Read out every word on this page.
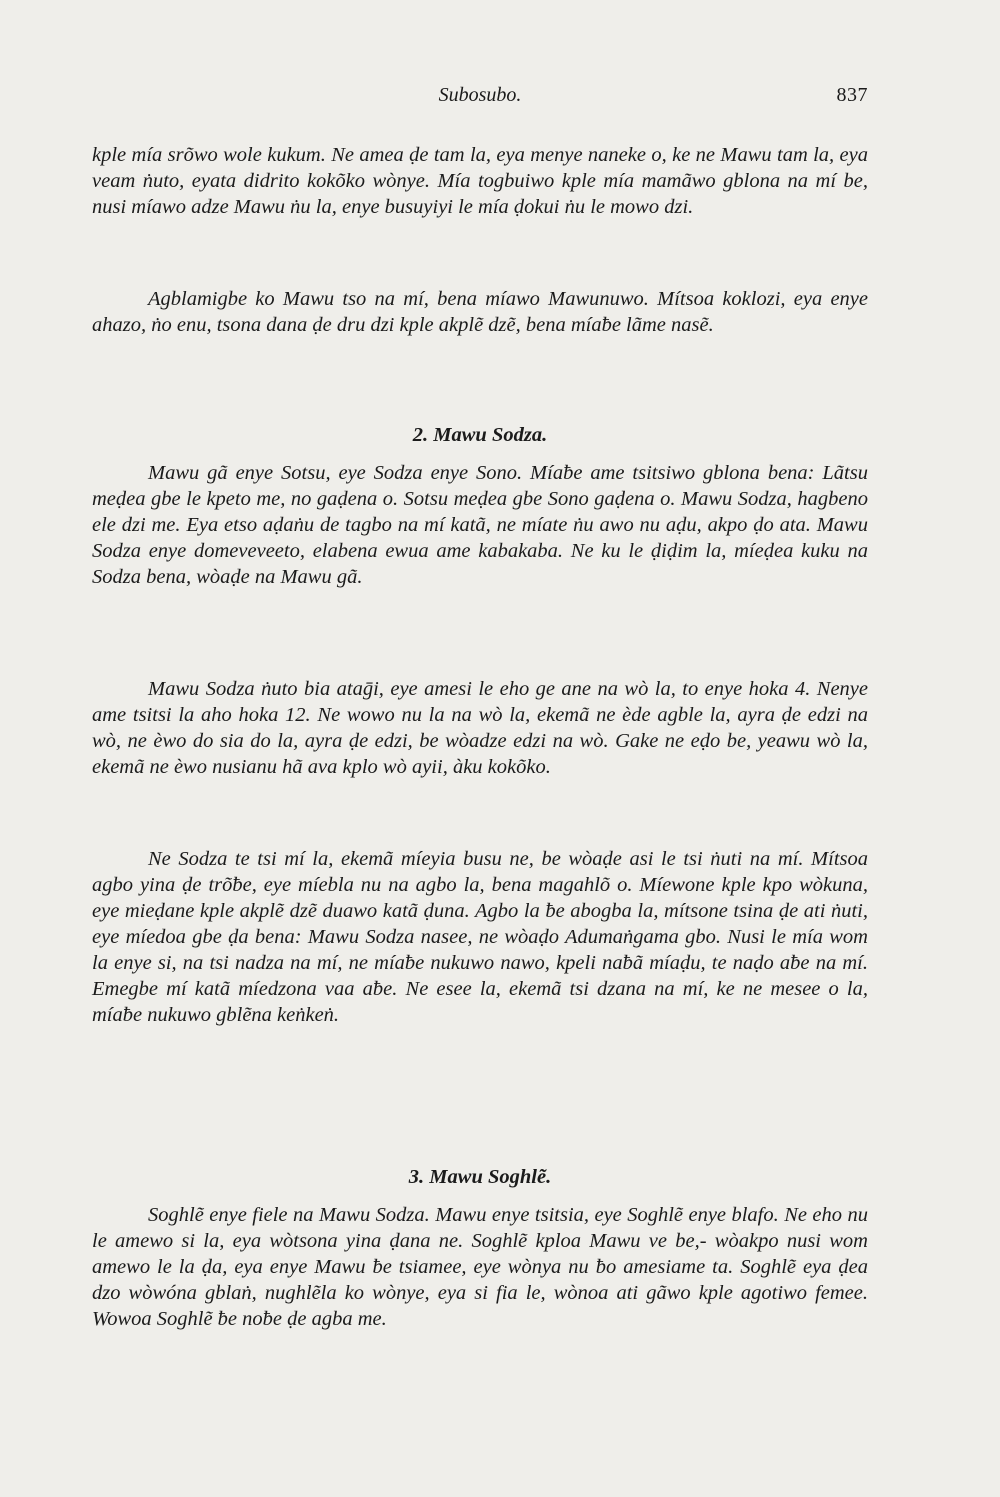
Subosubo.	837

kple mía srõwo wole kukum. Ne amea ḍe tam la, eya menye naneke o, ke ne Mawu tam la, eya veam ṅuto, eyata didrito kokõko wònye. Mía togbuiwo kple mía mamãwo gblona na mí be, nusi míawo adze Mawu ṅu la, enye busuyiyi le mía ḍokui ṅu le mowo dzi.

Agblamigbe ko Mawu tso na mí, bena míawo Mawunuwo. Mítsoa koklozi, eya enye ahazo, ṅo enu, tsona dana ḍe dru dzi kple akplẽ dzẽ, bena míaƀe lãme nasẽ.

2. Mawu Sodza.

Mawu gã enye Sotsu, eye Sodza enye Sono. Míaƀe ame tsitsiwo gblona bena: Lãtsu meḍea gbe le kpeto me, no gaḍena o. Sotsu meḍea gbe Sono gaḍena o. Mawu Sodza, hagbeno ele dzi me. Eya etso aḍaṅu de tagbo na mí katã, ne míate ṅu awo nu aḍu, akpo ḍo ata. Mawu Sodza enye domeveveeto, elabena ewua ame kabakaba. Ne ku le ḍiḍim la, míeḍea kuku na Sodza bena, wòaḍe na Mawu gã.

Mawu Sodza ṅuto bia ataḡi, eye amesi le eho ge ane na wò la, to enye hoka 4. Nenye ame tsitsi la aho hoka 12. Ne wowo nu la na wò la, ekemã ne ède agble la, ayra ḍe edzi na wò, ne èwo do sia do la, ayra ḍe edzi, be wòadze edzi na wò. Gake ne eḍo be, yeawu wò la, ekemã ne èwo nusianu hã ava kplo wò ayii, àku kokõko.

Ne Sodza te tsi mí la, ekemã míeyia busu ne, be wòaḍe asi le tsi ṅuti na mí. Mítsoa agbo yina ḍe trõƀe, eye míebla nu na agbo la, bena magahlõ o. Míewone kple kpo wòkuna, eye mieḍane kple akplẽ dzẽ duawo katã ḍuna. Agbo la ƀe abogba la, mítsone tsina ḍe ati ṅuti, eye míedoa gbe ḍa bena: Mawu Sodza nasee, ne wòaḍo Adumaṅgama gbo. Nusi le mía wom la enye si, na tsi nadza na mí, ne míaƀe nukuwo nawo, kpeli naƀã míaḍu, te naḍo aƀe na mí. Emegbe mí katã míedzona vaa aƀe. Ne esee la, ekemã tsi dzana na mí, ke ne mesee o la, míaƀe nukuwo gblẽna keṅkeṅ.

3. Mawu Soghlẽ.

Soghlẽ enye fiele na Mawu Sodza. Mawu enye tsitsia, eye Soghlẽ enye blafo. Ne eho nu le amewo si la, eya wòtsona yina ḍana ne. Soghlẽ kploa Mawu ve be,- wòakpo nusi wom amewo le la ḍa, eya enye Mawu ƀe tsiamee, eye wònya nu ƀo amesiame ta. Soghlẽ eya ḍea dzo wòwóna gblaṅ, nughlẽla ko wònye, eya si fia le, wònoa ati gãwo kple agotiwo femee. Wowoa Soghlẽ ƀe noƀe ḍe agba me.
